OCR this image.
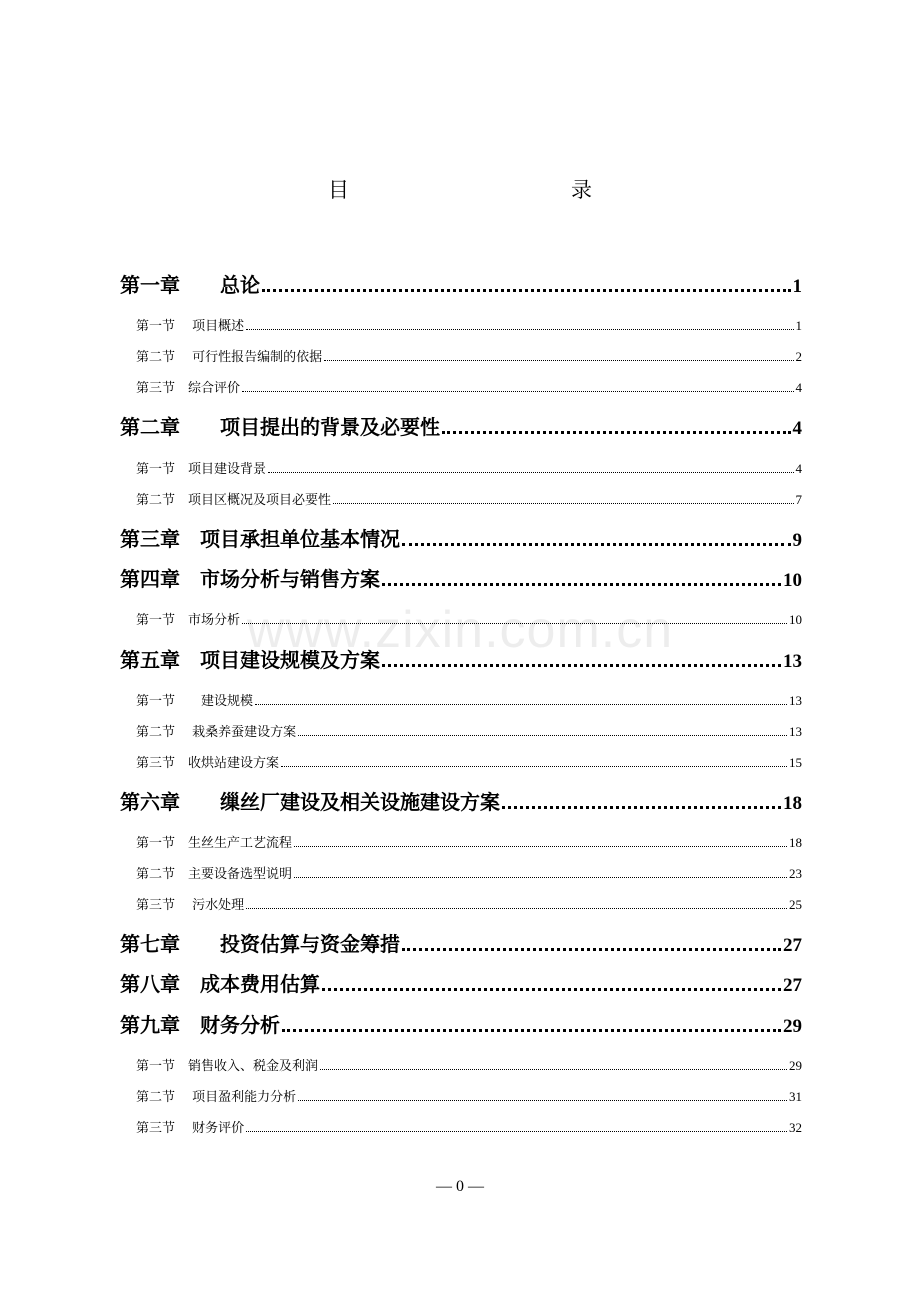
目　　录
www.zixin.com.cn
第一章　　总论	1
第一节　 项目概述	1
第二节　 可行性报告编制的依据	2
第三节　综合评价	4
第二章　　项目提出的背景及必要性	4
第一节　项目建设背景	4
第二节　项目区概况及项目必要性	7
第三章　项目承担单位基本情况	9
第四章　市场分析与销售方案	10
第一节　市场分析	10
第五章　项目建设规模及方案	13
第一节　　建设规模	13
第二节　 栽桑养蚕建设方案	13
第三节　收烘站建设方案	15
第六章　　缫丝厂建设及相关设施建设方案	18
第一节　生丝生产工艺流程	18
第二节　主要设备选型说明	23
第三节　 污水处理	25
第七章　　投资估算与资金筹措	27
第八章　成本费用估算	27
第九章　财务分析	29
第一节　销售收入、税金及利润	29
第二节　 项目盈利能力分析	31
第三节　 财务评价	32
— 0 —
